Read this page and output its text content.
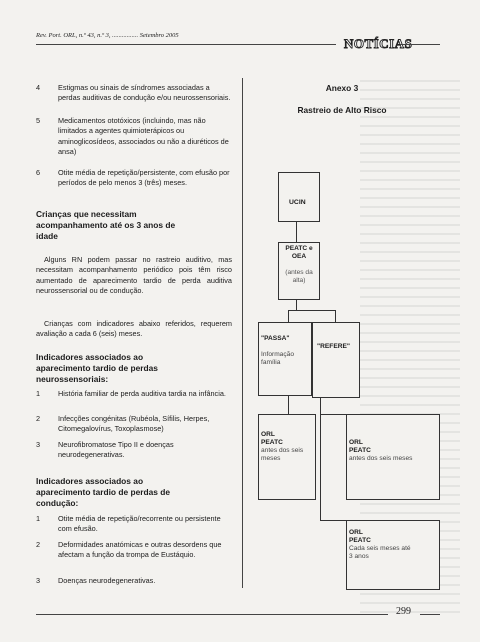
Rev. Port. ORL, n.º 43, n.º 3, ................ Setembro 2005
NOTÍCIAS
4 Estigmas ou sinais de síndromes associadas a perdas auditivas de condução e/ou neurossensoriais.
5 Medicamentos ototóxicos (incluindo, mas não limitados a agentes quimioterápicos ou aminoglicosídeos, associados ou não a diuréticos de ansa)
6 Otite média de repetição/persistente, com efusão por períodos de pelo menos 3 (três) meses.
Crianças que necessitam acompanhamento até os 3 anos de idade
Alguns RN podem passar no rastreio auditivo, mas necessitam acompanhamento periódico pois têm risco aumentado de aparecimento tardio de perda auditiva neurossensorial ou de condução.
Crianças com indicadores abaixo referidos, requerem avaliação a cada 6 (seis) meses.
Indicadores associados ao aparecimento tardio de perdas neurossensoriais:
1 História familiar de perda auditiva tardia na infância.
2 Infecções congénitas (Rubéola, Sífilis, Herpes, Citomegalovírus, Toxoplasmose)
3 Neurofibromatose Tipo II e doenças neurodegenerativas.
Indicadores associados ao aparecimento tardio de perdas de condução:
1 Otite média de repetição/recorrente ou persistente com efusão.
2 Deformidades anatómicas e outras desordens que afectam a função da trompa de Eustáquio.
3 Doenças neurodegenerativas.
Anexo 3
Rastreio de Alto Risco
UCIN
PEATC e OEA
(antes da alta)
"PASSA"
Informação família
"REFERE"
ORL
PEATC
antes dos seis meses
ORL
PEATC
antes dos seis meses
ORL
PEATC
Cada seis meses até 3 anos
299
